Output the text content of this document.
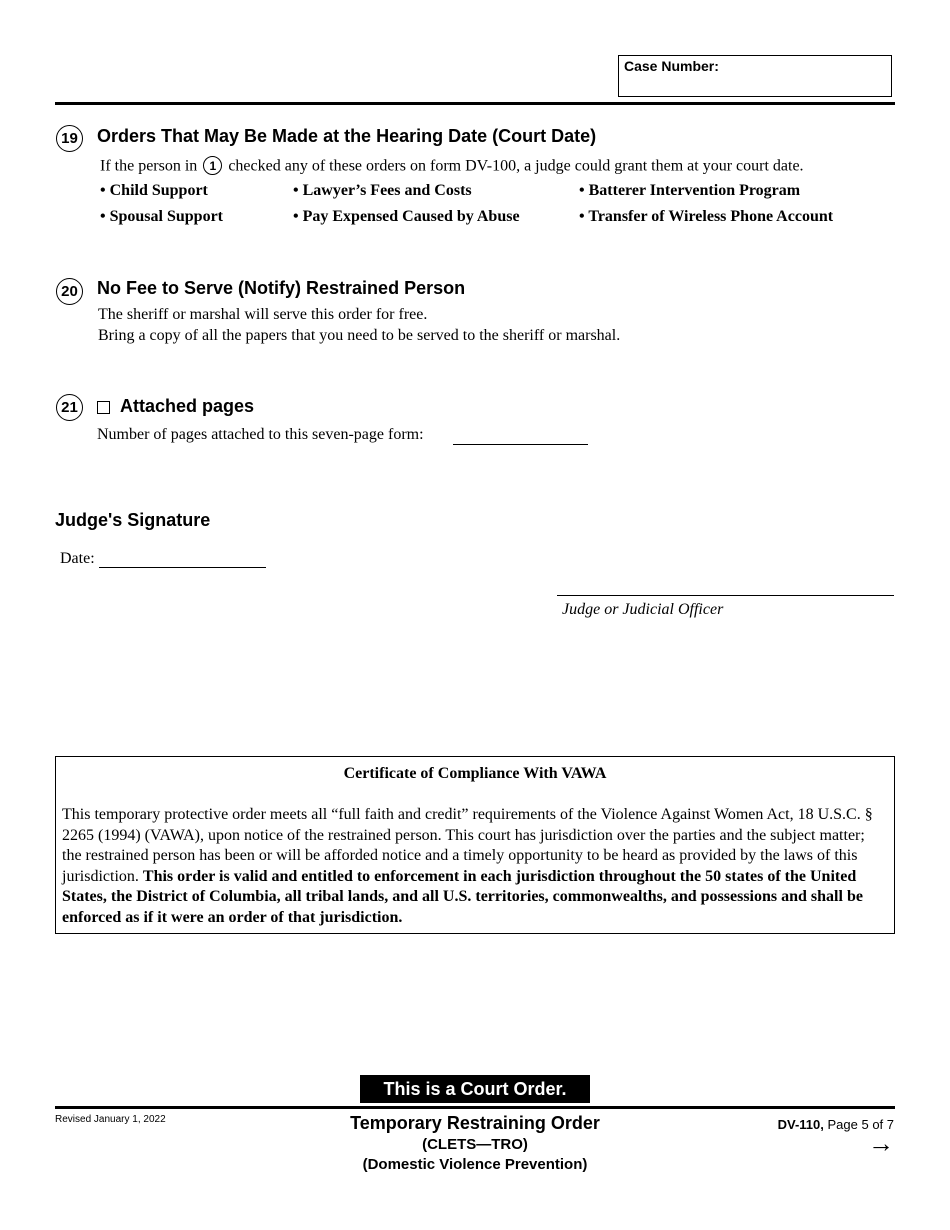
Case Number:
19 Orders That May Be Made at the Hearing Date (Court Date)
If the person in 1 checked any of these orders on form DV-100, a judge could grant them at your court date.
• Child Support	• Lawyer’s Fees and Costs	• Batterer Intervention Program
• Spousal Support	• Pay Expensed Caused by Abuse	• Transfer of Wireless Phone Account
20 No Fee to Serve (Notify) Restrained Person
The sheriff or marshal will serve this order for free.
Bring a copy of all the papers that you need to be served to the sheriff or marshal.
21 Attached pages
Number of pages attached to this seven-page form:
Judge's Signature
Date:
Judge or Judicial Officer
Certificate of Compliance With VAWA
This temporary protective order meets all “full faith and credit” requirements of the Violence Against Women Act, 18 U.S.C. § 2265 (1994) (VAWA), upon notice of the restrained person. This court has jurisdiction over the parties and the subject matter; the restrained person has been or will be afforded notice and a timely opportunity to be heard as provided by the laws of this jurisdiction. This order is valid and entitled to enforcement in each jurisdiction throughout the 50 states of the United States, the District of Columbia, all tribal lands, and all U.S. territories, commonwealths, and possessions and shall be enforced as if it were an order of that jurisdiction.
This is a Court Order.
Revised January 1, 2022	Temporary Restraining Order
(CLETS—TRO)
(Domestic Violence Prevention)
DV-110, Page 5 of 7
→
